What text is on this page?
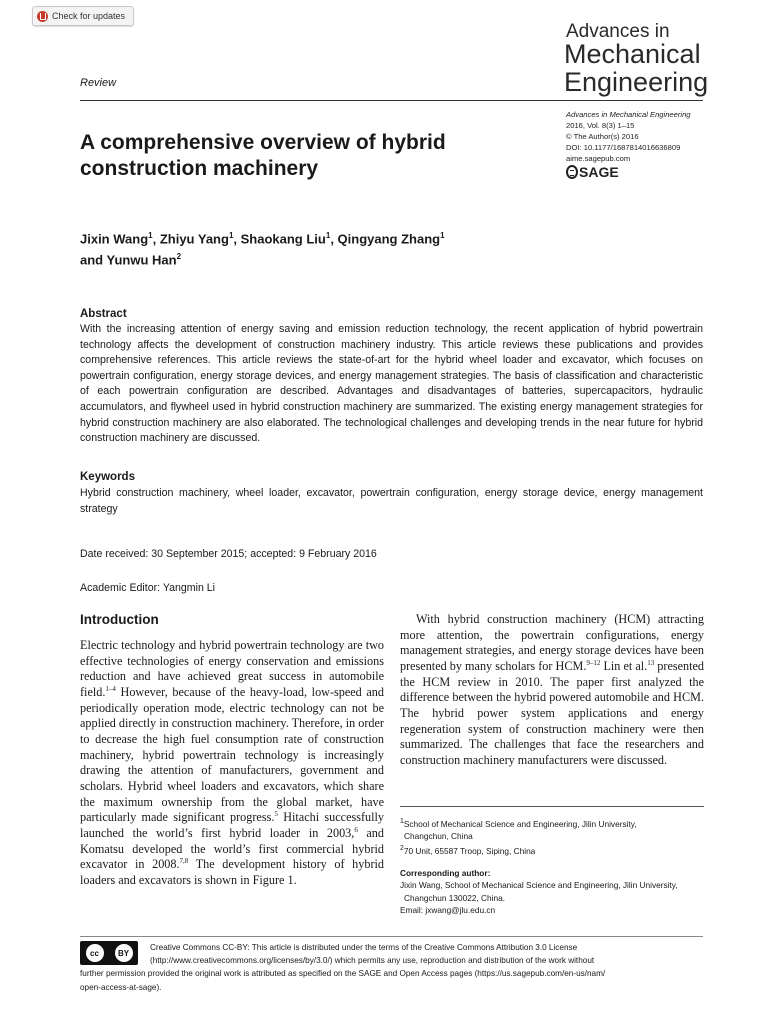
Check for updates
Advances in
Mechanical
Engineering
Review
Advances in Mechanical Engineering
2016, Vol. 8(3) 1–15
© The Author(s) 2016
DOI: 10.1177/1687814016636809
aime.sagepub.com
SAGE
A comprehensive overview of hybrid construction machinery
Jixin Wang$^1$, Zhiyu Yang$^1$, Shaokang Liu$^1$, Qingyang Zhang$^1$
and Yunwu Han$^2$
Abstract
With the increasing attention of energy saving and emission reduction technology, the recent application of hybrid powertrain technology affects the development of construction machinery industry. This article reviews these publications and provides comprehensive references. This article reviews the state-of-art for the hybrid wheel loader and excavator, which focuses on powertrain configuration, energy storage devices, and energy management strategies. The basis of classification and characteristic of each powertrain configuration are described. Advantages and disadvantages of batteries, supercapacitors, hydraulic accumulators, and flywheel used in hybrid construction machinery are summarized. The existing energy management strategies for hybrid construction machinery are also elaborated. The technological challenges and developing trends in the near future for hybrid construction machinery are discussed.
Keywords
Hybrid construction machinery, wheel loader, excavator, powertrain configuration, energy storage device, energy management strategy
Date received: 30 September 2015; accepted: 9 February 2016
Academic Editor: Yangmin Li
Introduction

Electric technology and hybrid powertrain technology are two effective technologies of energy conservation and emissions reduction and have achieved great success in automobile field.$^{1-4}$ However, because of the heavy-load, low-speed and periodically operation mode, electric technology can not be applied directly in construction machinery. Therefore, in order to decrease the high fuel consumption rate of construction machinery, hybrid powertrain technology is increasingly drawing the attention of manufacturers, government and scholars. Hybrid wheel loaders and excavators, which share the maximum ownership from the global market, have particularly made significant progress.$^5$ Hitachi successfully launched the world’s first hybrid loader in 2003,$^6$ and Komatsu developed the world’s first commercial hybrid excavator in 2008.$^{7,8}$ The development history of hybrid loaders and excavators is shown in Figure 1.

With hybrid construction machinery (HCM) attracting more attention, the powertrain configurations, energy management strategies, and energy storage devices have been presented by many scholars for HCM.$^{9-12}$ Lin et al.$^{13}$ presented the HCM review in 2010. The paper first analyzed the difference between the hybrid powered automobile and HCM. The hybrid power system applications and energy regeneration system of construction machinery were then summarized. The challenges that face the researchers and construction machinery manufacturers were discussed.

$^1$School of Mechanical Science and Engineering, Jilin University,
Changchun, China
$^2$70 Unit, 65587 Troop, Siping, China
Corresponding author:
Jixin Wang, School of Mechanical Science and Engineering, Jilin University,
Changchun 130022, China.
Email: jxwang@jlu.edu.cn
cc	BY
Creative Commons CC-BY: This article is distributed under the terms of the Creative Commons Attribution 3.0 License
(http://www.creativecommons.org/licenses/by/3.0/) which permits any use, reproduction and distribution of the work without
further permission provided the original work is attributed as specified on the SAGE and Open Access pages (https://us.sagepub.com/en-us/nam/
open-access-at-sage).
